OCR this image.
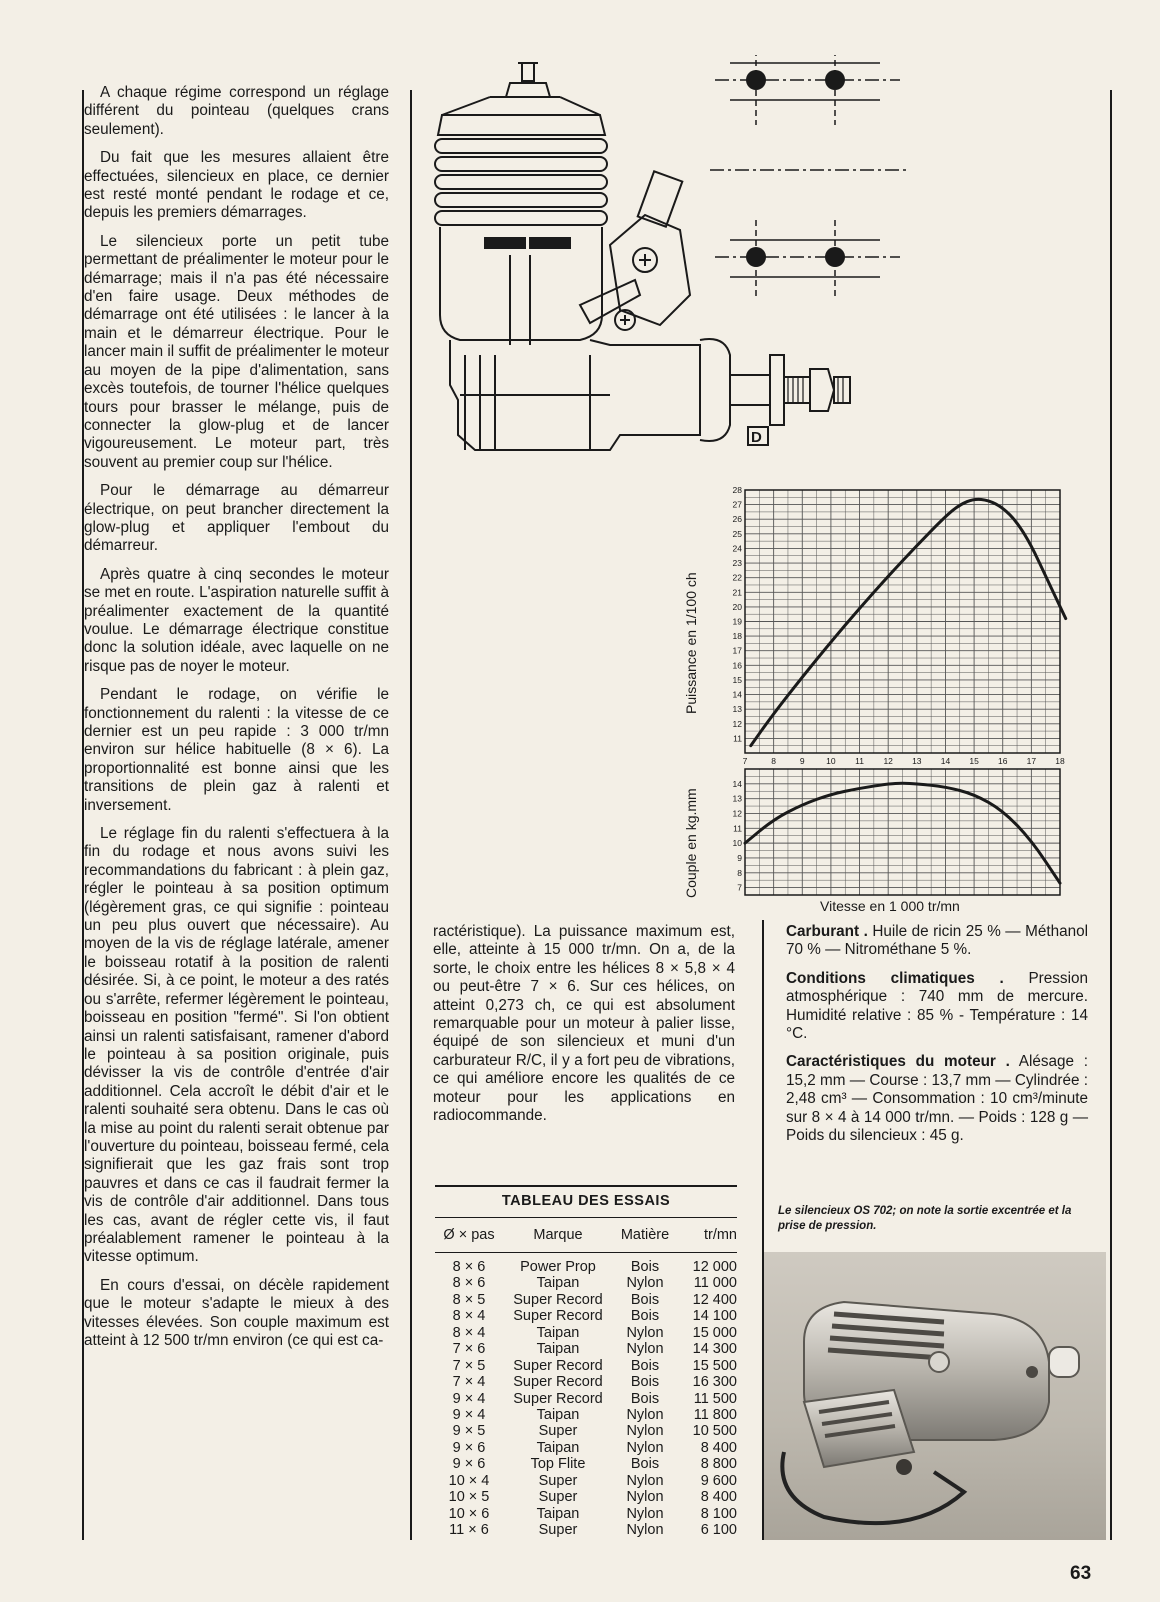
A chaque régime correspond un réglage différent du pointeau (quelques crans seulement).

Du fait que les mesures allaient être effectuées, silencieux en place, ce dernier est resté monté pendant le rodage et ce, depuis les premiers démarrages.

Le silencieux porte un petit tube permettant de préalimenter le moteur pour le démarrage; mais il n'a pas été nécessaire d'en faire usage. Deux méthodes de démarrage ont été utilisées : le lancer à la main et le démarreur électrique. Pour le lancer main il suffit de préalimenter le moteur au moyen de la pipe d'alimentation, sans excès toutefois, de tourner l'hélice quelques tours pour brasser le mélange, puis de connecter la glow-plug et de lancer vigoureusement. Le moteur part, très souvent au premier coup sur l'hélice.

Pour le démarrage au démarreur électrique, on peut brancher directement la glow-plug et appliquer l'embout du démarreur.

Après quatre à cinq secondes le moteur se met en route. L'aspiration naturelle suffit à préalimenter exactement de la quantité voulue. Le démarrage électrique constitue donc la solution idéale, avec laquelle on ne risque pas de noyer le moteur.

Pendant le rodage, on vérifie le fonctionnement du ralenti : la vitesse de ce dernier est un peu rapide : 3 000 tr/mn environ sur hélice habituelle (8 × 6). La proportionnalité est bonne ainsi que les transitions de plein gaz à ralenti et inversement.

Le réglage fin du ralenti s'effectuera à la fin du rodage et nous avons suivi les recommandations du fabricant : à plein gaz, régler le pointeau à sa position optimum (légèrement gras, ce qui signifie : pointeau un peu plus ouvert que nécessaire). Au moyen de la vis de réglage latérale, amener le boisseau rotatif à la position de ralenti désirée. Si, à ce point, le moteur a des ratés ou s'arrête, refermer légèrement le pointeau, boisseau en position "fermé". Si l'on obtient ainsi un ralenti satisfaisant, ramener d'abord le pointeau à sa position originale, puis dévisser la vis de contrôle d'entrée d'air additionnel. Cela accroît le débit d'air et le ralenti souhaité sera obtenu. Dans le cas où la mise au point du ralenti serait obtenue par l'ouverture du pointeau, boisseau fermé, cela signifierait que les gaz frais sont trop pauvres et dans ce cas il faudrait fermer la vis de contrôle d'air additionnel. Dans tous les cas, avant de régler cette vis, il faut préalablement ramener le pointeau à la vitesse optimum.

En cours d'essai, on décèle rapidement que le moteur s'adapte le mieux à des vitesses élevées. Son couple maximum est atteint à 12 500 tr/mn environ (ce qui est ca-

D
11
12
13
14
15
16
17
18
19
20
21
22
23
24
25
26
27
28
7	8	9	10 11 12 13 14 15 16 17 18
Puissance en 1/100 ch
7
8
9
10
11
12
13
14
Couple en kg.mm
Vitesse en 1 000 tr/mn

ractéristique). La puissance maximum est, elle, atteinte à 15 000 tr/mn. On a, de la sorte, le choix entre les hélices 8 × 5,8 × 4 ou peut-être 7 × 6. Sur ces hélices, on atteint 0,273 ch, ce qui est absolument remarquable pour un moteur à palier lisse, équipé de son silencieux et muni d'un carburateur R/C, il y a fort peu de vibrations, ce qui améliore encore les qualités de ce moteur pour les applications en radiocommande.

TABLEAU DES ESSAIS
Ø × pas	Marque	Matière	tr/mn
8 × 6	Power Prop	Bois	12 000
8 × 6	Taipan	Nylon	11 000
8 × 5	Super Record	Bois	12 400
8 × 4	Super Record	Bois	14 100
8 × 4	Taipan	Nylon	15 000
7 × 6	Taipan	Nylon	14 300
7 × 5	Super Record	Bois	15 500
7 × 4	Super Record	Bois	16 300
9 × 4	Super Record	Bois	11 500
9 × 4	Taipan	Nylon	11 800
9 × 5	Super	Nylon	10 500
9 × 6	Taipan	Nylon	8 400
9 × 6	Top Flite	Bois	8 800
10 × 4	Super	Nylon	9 600
10 × 5	Super	Nylon	8 400
10 × 6	Taipan	Nylon	8 100
11 × 6	Super	Nylon	6 100

Carburant . Huile de ricin 25 % — Méthanol 70 % — Nitrométhane 5 %.

Conditions climatiques . Pression atmosphérique : 740 mm de mercure. Humidité relative : 85 % - Température : 14 °C.

Caractéristiques du moteur . Alésage : 15,2 mm — Course : 13,7 mm — Cylindrée : 2,48 cm³ — Consommation : 10 cm³/minute sur 8 × 4 à 14 000 tr/mn. — Poids : 128 g — Poids du silencieux : 45 g.

Le silencieux OS 702; on note la sortie excentrée et la prise de pression.
63
